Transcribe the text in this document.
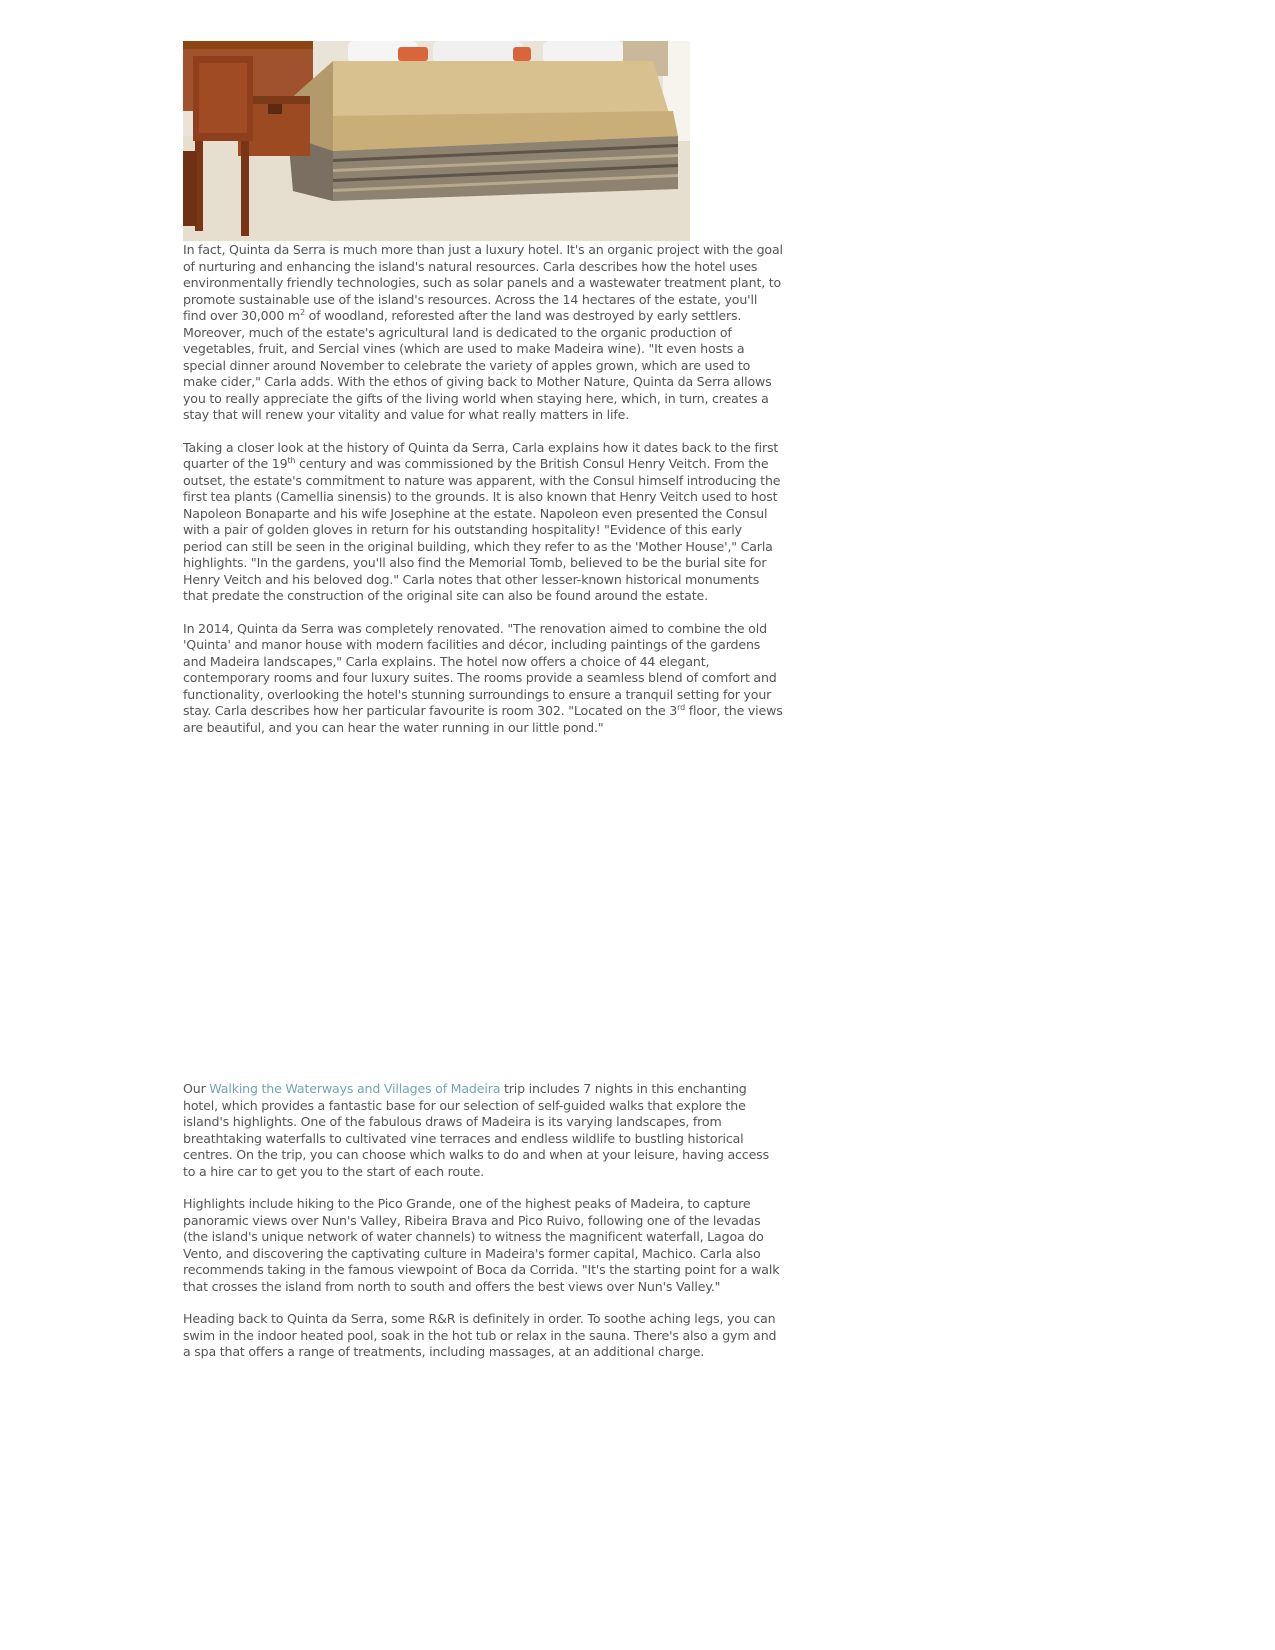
In fact, Quinta da Serra is much more than just a luxury hotel. It's an organic project with the goal of nurturing and enhancing the island's natural resources. Carla describes how the hotel uses environmentally friendly technologies, such as solar panels and a wastewater treatment plant, to promote sustainable use of the island's resources. Across the 14 hectares of the estate, you'll find over 30,000 $m^2$ of woodland, reforested after the land was destroyed by early settlers. Moreover, much of the estate's agricultural land is dedicated to the organic production of vegetables, fruit, and Sercial vines (which are used to make Madeira wine). "It even hosts a special dinner around November to celebrate the variety of apples grown, which are used to make cider," Carla adds. With the ethos of giving back to Mother Nature, Quinta da Serra allows you to really appreciate the gifts of the living world when staying here, which, in turn, creates a stay that will renew your vitality and value for what really matters in life.

Taking a closer look at the history of Quinta da Serra, Carla explains how it dates back to the first quarter of the 19th century and was commissioned by the British Consul Henry Veitch. From the outset, the estate's commitment to nature was apparent, with the Consul himself introducing the first tea plants (Camellia sinensis) to the grounds. It is also known that Henry Veitch used to host Napoleon Bonaparte and his wife Josephine at the estate. Napoleon even presented the Consul with a pair of golden gloves in return for his outstanding hospitality! "Evidence of this early period can still be seen in the original building, which they refer to as the 'Mother House'," Carla highlights. "In the gardens, you'll also find the Memorial Tomb, believed to be the burial site for Henry Veitch and his beloved dog." Carla notes that other lesser-known historical monuments that predate the construction of the original site can also be found around the estate.

In 2014, Quinta da Serra was completely renovated. "The renovation aimed to combine the old 'Quinta' and manor house with modern facilities and décor, including paintings of the gardens and Madeira landscapes," Carla explains. The hotel now offers a choice of 44 elegant, contemporary rooms and four luxury suites. The rooms provide a seamless blend of comfort and functionality, overlooking the hotel's stunning surroundings to ensure a tranquil setting for your stay. Carla describes how her particular favourite is room 302. "Located on the 3rd floor, the views are beautiful, and you can hear the water running in our little pond."

Our Walking the Waterways and Villages of Madeira trip includes 7 nights in this enchanting hotel, which provides a fantastic base for our selection of self-guided walks that explore the island's highlights. One of the fabulous draws of Madeira is its varying landscapes, from breathtaking waterfalls to cultivated vine terraces and endless wildlife to bustling historical centres. On the trip, you can choose which walks to do and when at your leisure, having access to a hire car to get you to the start of each route.

Highlights include hiking to the Pico Grande, one of the highest peaks of Madeira, to capture panoramic views over Nun's Valley, Ribeira Brava and Pico Ruivo, following one of the levadas (the island's unique network of water channels) to witness the magnificent waterfall, Lagoa do Vento, and discovering the captivating culture in Madeira's former capital, Machico. Carla also recommends taking in the famous viewpoint of Boca da Corrida. "It's the starting point for a walk that crosses the island from north to south and offers the best views over Nun's Valley."

Heading back to Quinta da Serra, some R&R is definitely in order. To soothe aching legs, you can swim in the indoor heated pool, soak in the hot tub or relax in the sauna. There's also a gym and a spa that offers a range of treatments, including massages, at an additional charge.
